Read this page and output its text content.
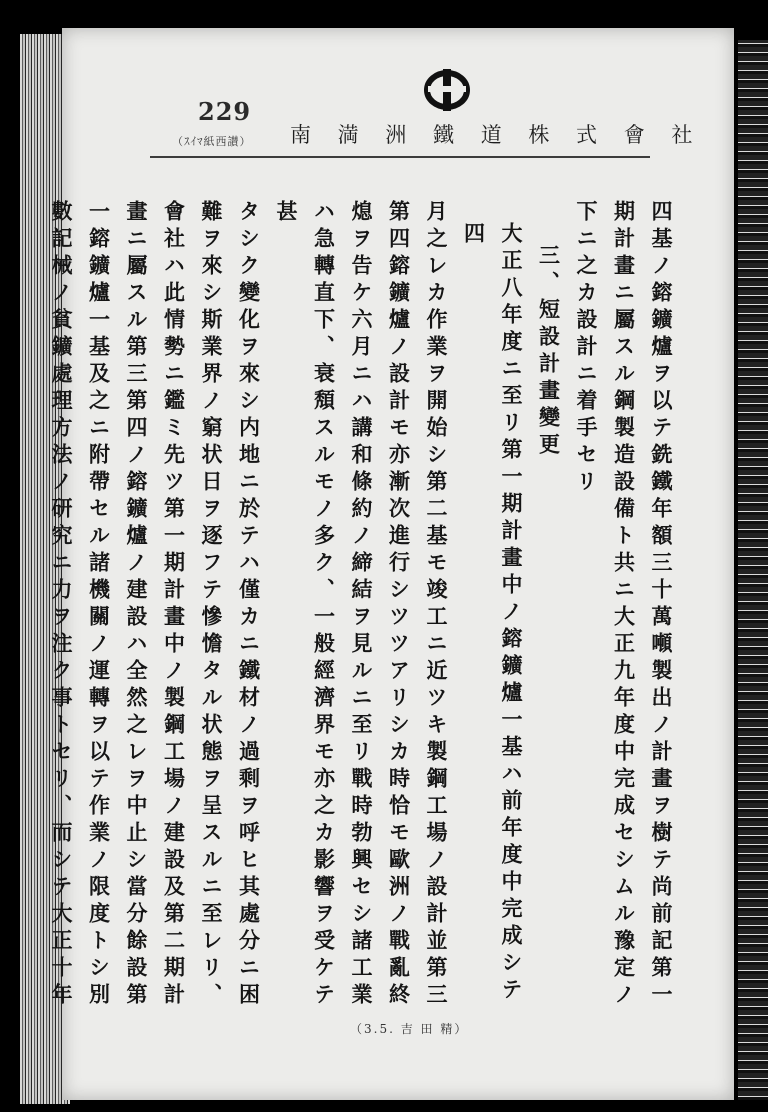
229
（ｽｲﾏ紙西讃） 南 満 洲 鐵 道 株 式 會 社

四基ノ鎔鑛爐ヲ以テ銑鐵年額三十萬噸製出ノ計畫ヲ樹テ尚前記第一

期計畫ニ屬スル鋼製造設備ト共ニ大正九年度中完成セシムル豫定ノ

下ニ之カ設計ニ着手セリ

三、短設計畫變更

大正八年度ニ至リ第一期計畫中ノ鎔鑛爐一基ハ前年度中完成シテ四

月之レカ作業ヲ開始シ第二基モ竣工ニ近ツキ製鋼工場ノ設計並第三

第四鎔鑛爐ノ設計モ亦漸次進行シツツアリシカ時恰モ歐洲ノ戰亂終

熄ヲ告ケ六月ニハ講和條約ノ締結ヲ見ルニ至リ戰時勃興セシ諸工業

ハ急轉直下、衰頽スルモノ多ク、一般經濟界モ亦之カ影響ヲ受ケテ甚

タシク變化ヲ來シ内地ニ於テハ僅カニ鐵材ノ過剩ヲ呼ヒ其處分ニ困

難ヲ來シ斯業界ノ窮状日ヲ逐フテ慘憺タル状態ヲ呈スルニ至レリ、

會社ハ此情勢ニ鑑ミ先ツ第一期計畫中ノ製鋼工場ノ建設及第二期計

畫ニ屬スル第三第四ノ鎔鑛爐ノ建設ハ全然之レヲ中止シ當分餘設第

一鎔鑛爐一基及之ニ附帶セル諸機關ノ運轉ヲ以テ作業ノ限度トシ別

數記械ノ貧鑛處理方法ノ研究ニ力ヲ注ク事トセリ、而シテ大正十年

（3.5. 吉 田 精）
